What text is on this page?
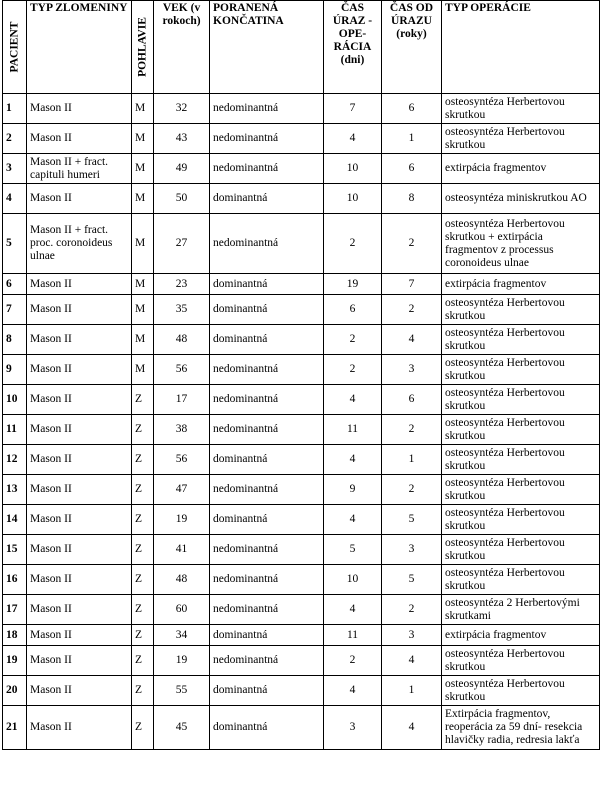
PACIENT	TYP ZLOMENINY	POHLAVIE	VEK (v rokoch)	PORANENÁ KONČATINA	ČAS ÚRAZ - OPE-RÁCIA (dni)	ČAS OD ÚRAZU (roky)	TYP OPERÁCIE
1	Mason II	M	32	nedominantná	7	6	osteosyntéza Herbertovou skrutkou
2	Mason II	M	43	nedominantná	4	1	osteosyntéza Herbertovou skrutkou
3	Mason II + fract. capituli humeri	M	49	nedominantná	10	6	extirpácia fragmentov
4	Mason II	M	50	dominantná	10	8	osteosyntéza miniskrutkou AO
5	Mason II + fract. proc. coronoideus ulnae	M	27	nedominantná	2	2	osteosyntéza Herbertovou skrutkou + extirpácia fragmentov z processus coronoideus ulnae
6	Mason II	M	23	dominantná	19	7	extirpácia fragmentov
7	Mason II	M	35	dominantná	6	2	osteosyntéza Herbertovou skrutkou
8	Mason II	M	48	dominantná	2	4	osteosyntéza Herbertovou skrutkou
9	Mason II	M	56	nedominantná	2	3	osteosyntéza Herbertovou skrutkou
10	Mason II	Z	17	nedominantná	4	6	osteosyntéza Herbertovou skrutkou
11	Mason II	Z	38	nedominantná	11	2	osteosyntéza Herbertovou skrutkou
12	Mason II	Z	56	dominantná	4	1	osteosyntéza Herbertovou skrutkou
13	Mason II	Z	47	nedominantná	9	2	osteosyntéza Herbertovou skrutkou
14	Mason II	Z	19	dominantná	4	5	osteosyntéza Herbertovou skrutkou
15	Mason II	Z	41	nedominantná	5	3	osteosyntéza Herbertovou skrutkou
16	Mason II	Z	48	nedominantná	10	5	osteosyntéza Herbertovou skrutkou
17	Mason II	Z	60	nedominantná	4	2	osteosyntéza 2 Herbertovými skrutkami
18	Mason II	Z	34	dominantná	11	3	extirpácia fragmentov
19	Mason II	Z	19	nedominantná	2	4	osteosyntéza Herbertovou skrutkou
20	Mason II	Z	55	dominantná	4	1	osteosyntéza Herbertovou skrutkou
21	Mason II	Z	45	dominantná	3	4	Extirpácia fragmentov, reoperácia za 59 dní- resekcia hlavičky radia, redresia lakťa
